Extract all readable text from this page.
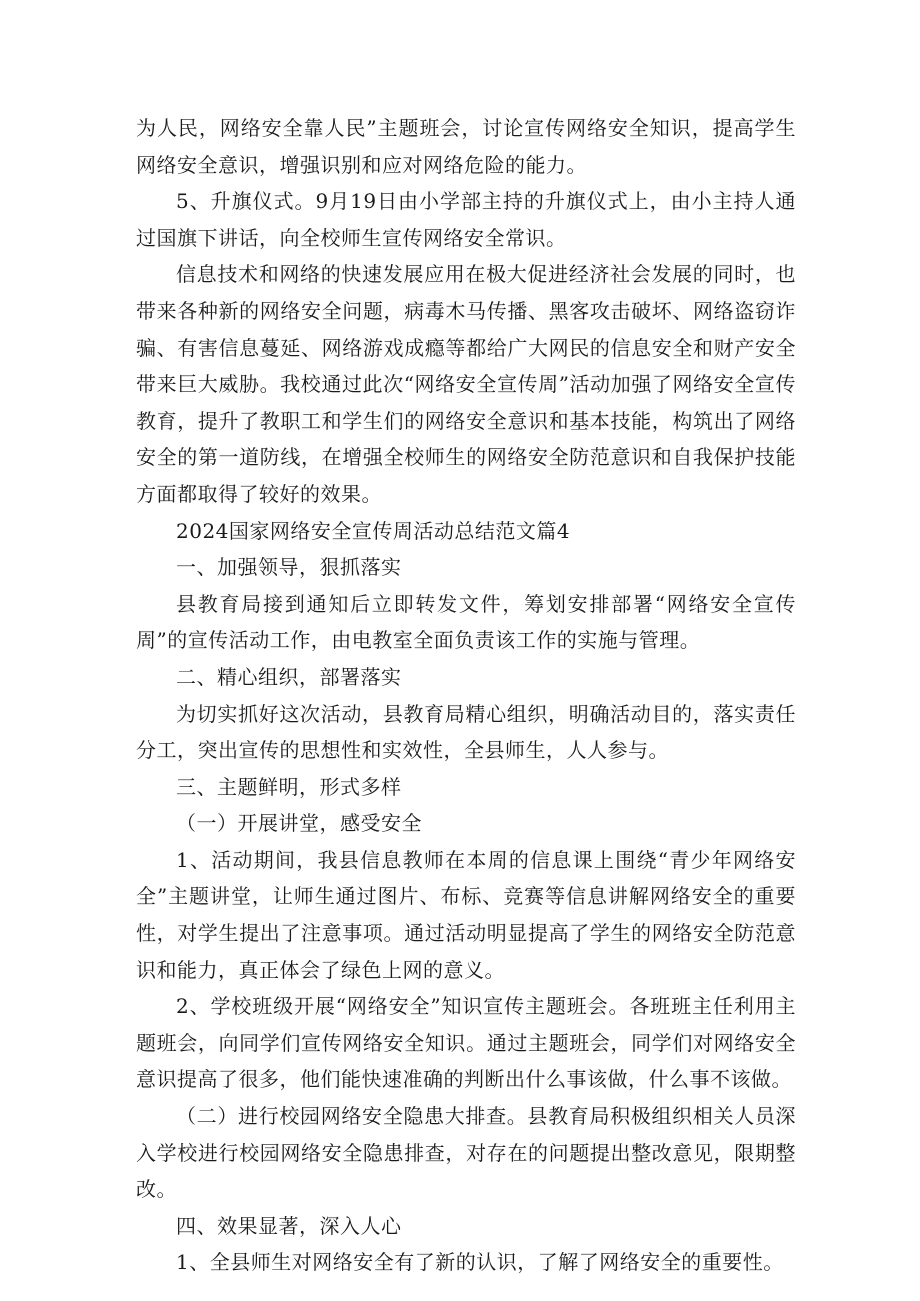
为人民，网络安全靠人民”主题班会，讨论宣传网络安全知识，提高学生网络安全意识，增强识别和应对网络危险的能力。

5、升旗仪式。9月19日由小学部主持的升旗仪式上，由小主持人通过国旗下讲话，向全校师生宣传网络安全常识。

信息技术和网络的快速发展应用在极大促进经济社会发展的同时，也带来各种新的网络安全问题，病毒木马传播、黑客攻击破坏、网络盗窃诈骗、有害信息蔓延、网络游戏成瘾等都给广大网民的信息安全和财产安全带来巨大威胁。我校通过此次“网络安全宣传周”活动加强了网络安全宣传教育，提升了教职工和学生们的网络安全意识和基本技能，构筑出了网络安全的第一道防线，在增强全校师生的网络安全防范意识和自我保护技能方面都取得了较好的效果。

2024国家网络安全宣传周活动总结范文篇4

一、加强领导，狠抓落实

县教育局接到通知后立即转发文件，筹划安排部署“网络安全宣传周”的宣传活动工作，由电教室全面负责该工作的实施与管理。

二、精心组织，部署落实

为切实抓好这次活动，县教育局精心组织，明确活动目的，落实责任分工，突出宣传的思想性和实效性，全县师生，人人参与。

三、主题鲜明，形式多样

（一）开展讲堂，感受安全

1、活动期间，我县信息教师在本周的信息课上围绕“青少年网络安全”主题讲堂，让师生通过图片、布标、竞赛等信息讲解网络安全的重要性，对学生提出了注意事项。通过活动明显提高了学生的网络安全防范意识和能力，真正体会了绿色上网的意义。

2、学校班级开展“网络安全”知识宣传主题班会。各班班主任利用主题班会，向同学们宣传网络安全知识。通过主题班会，同学们对网络安全意识提高了很多，他们能快速准确的判断出什么事该做，什么事不该做。

（二）进行校园网络安全隐患大排查。县教育局积极组织相关人员深入学校进行校园网络安全隐患排查，对存在的问题提出整改意见，限期整改。

四、效果显著，深入人心

1、全县师生对网络安全有了新的认识，了解了网络安全的重要性。
